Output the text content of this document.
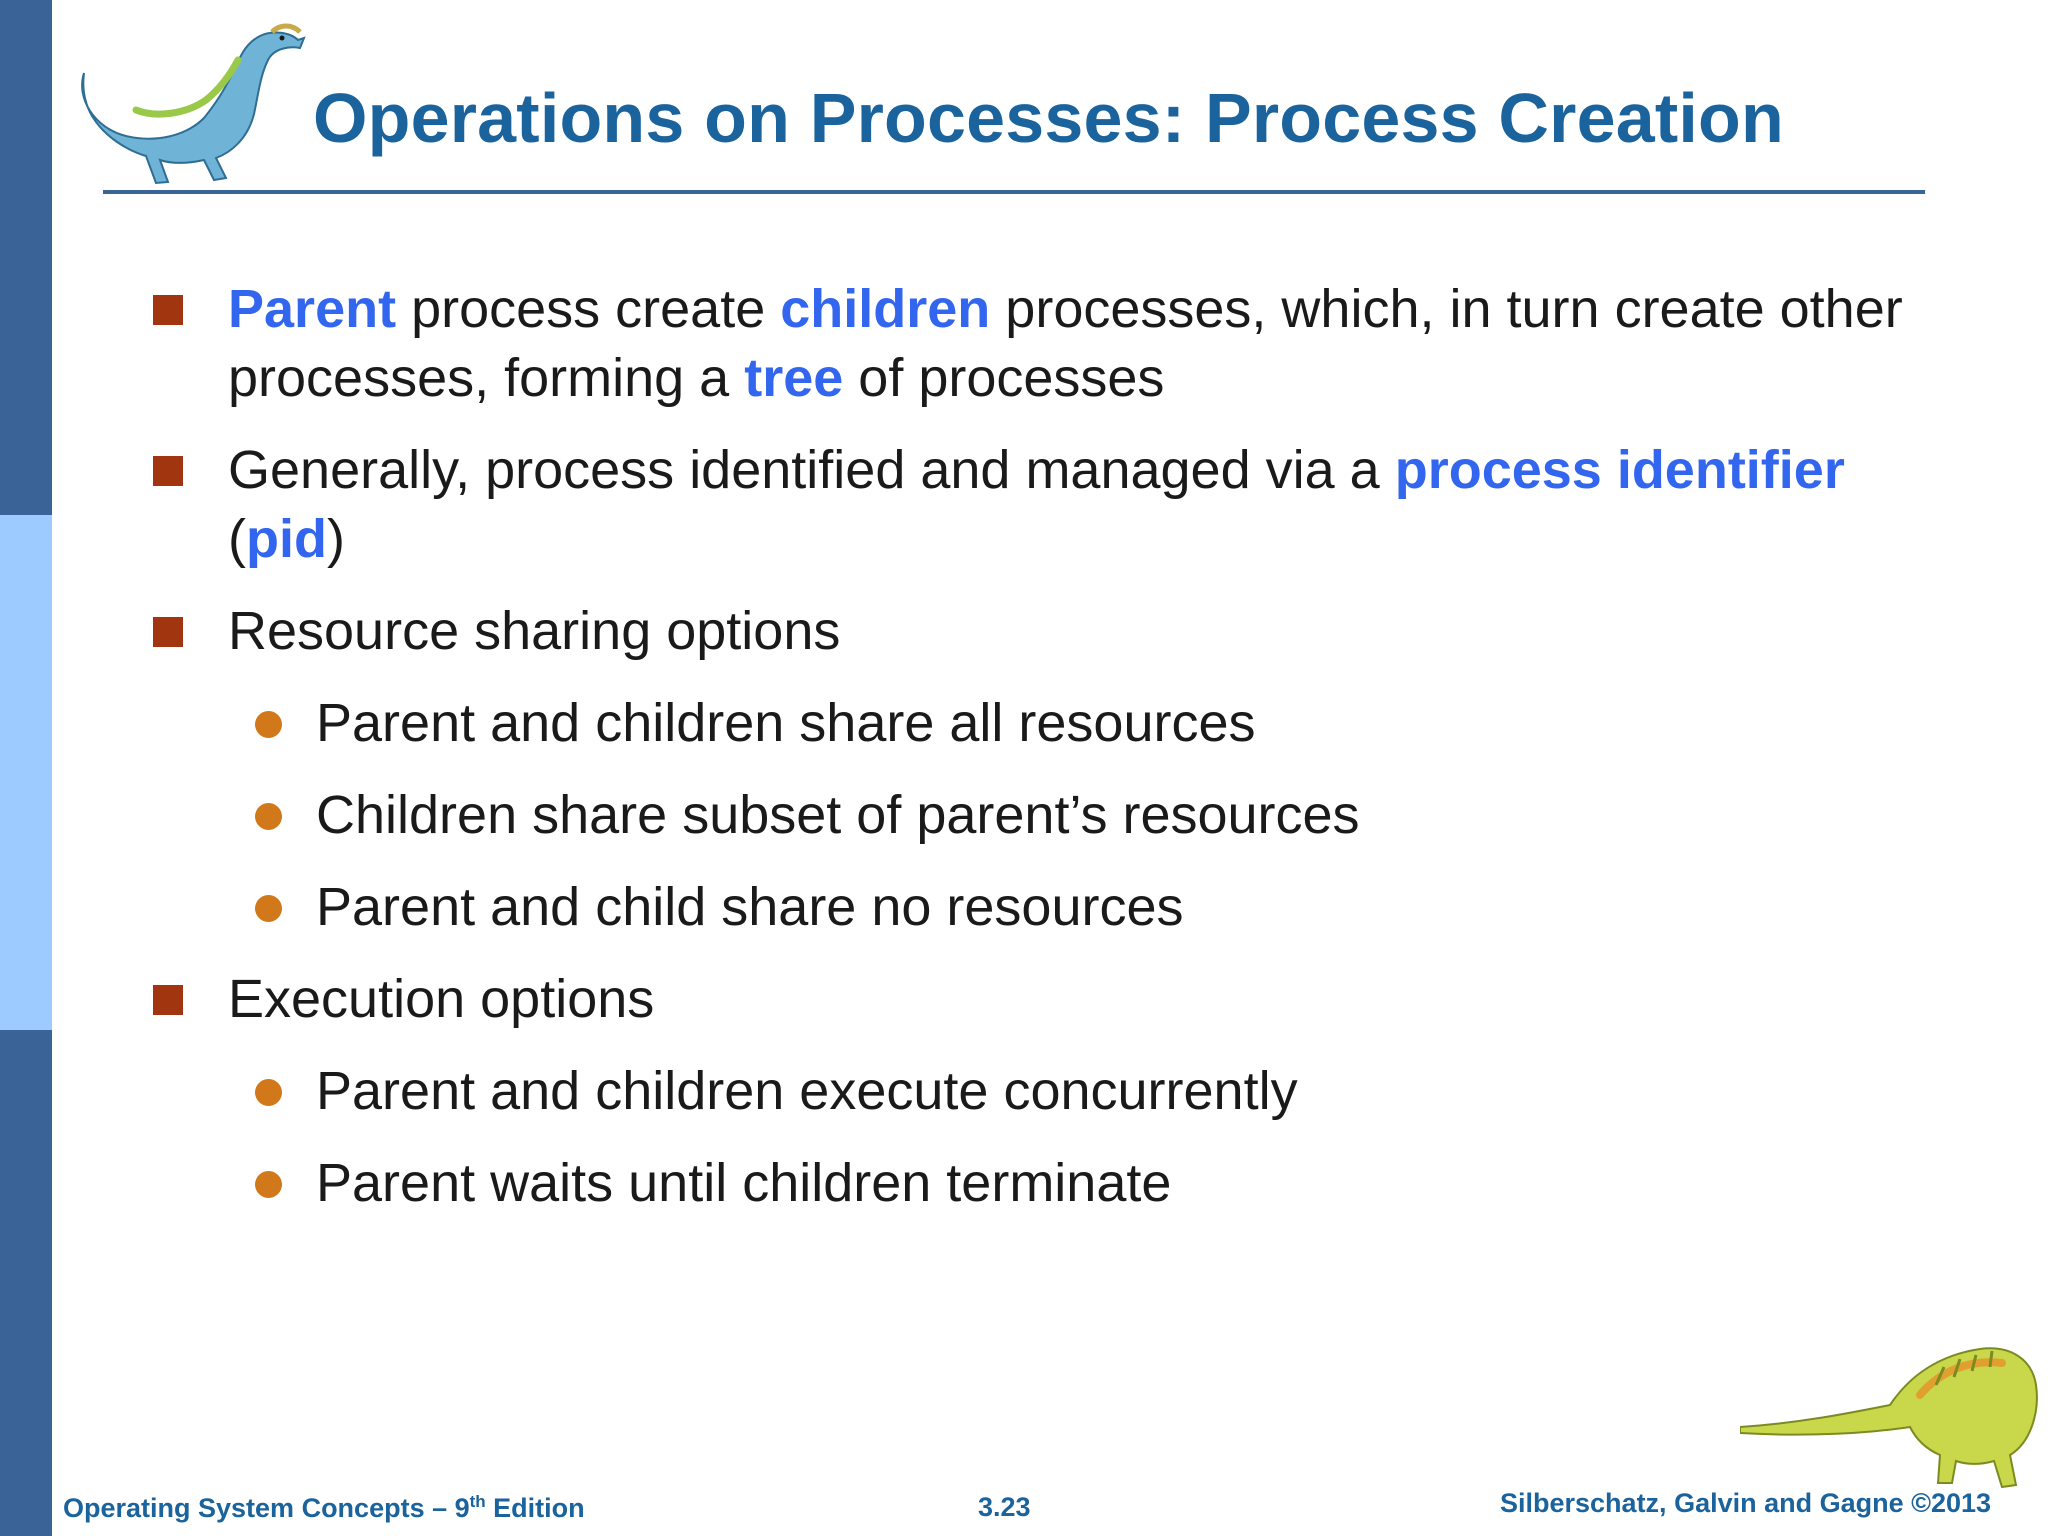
Operations on Processes: Process Creation
Parent process create children processes, which, in turn create other processes, forming a tree of processes
Generally, process identified and managed via a process identifier (pid)
Resource sharing options
Parent and children share all resources
Children share subset of parent’s resources
Parent and child share no resources
Execution options
Parent and children execute concurrently
Parent waits until children terminate
Operating System Concepts – 9th Edition	3.23	Silberschatz, Galvin and Gagne ©2013
